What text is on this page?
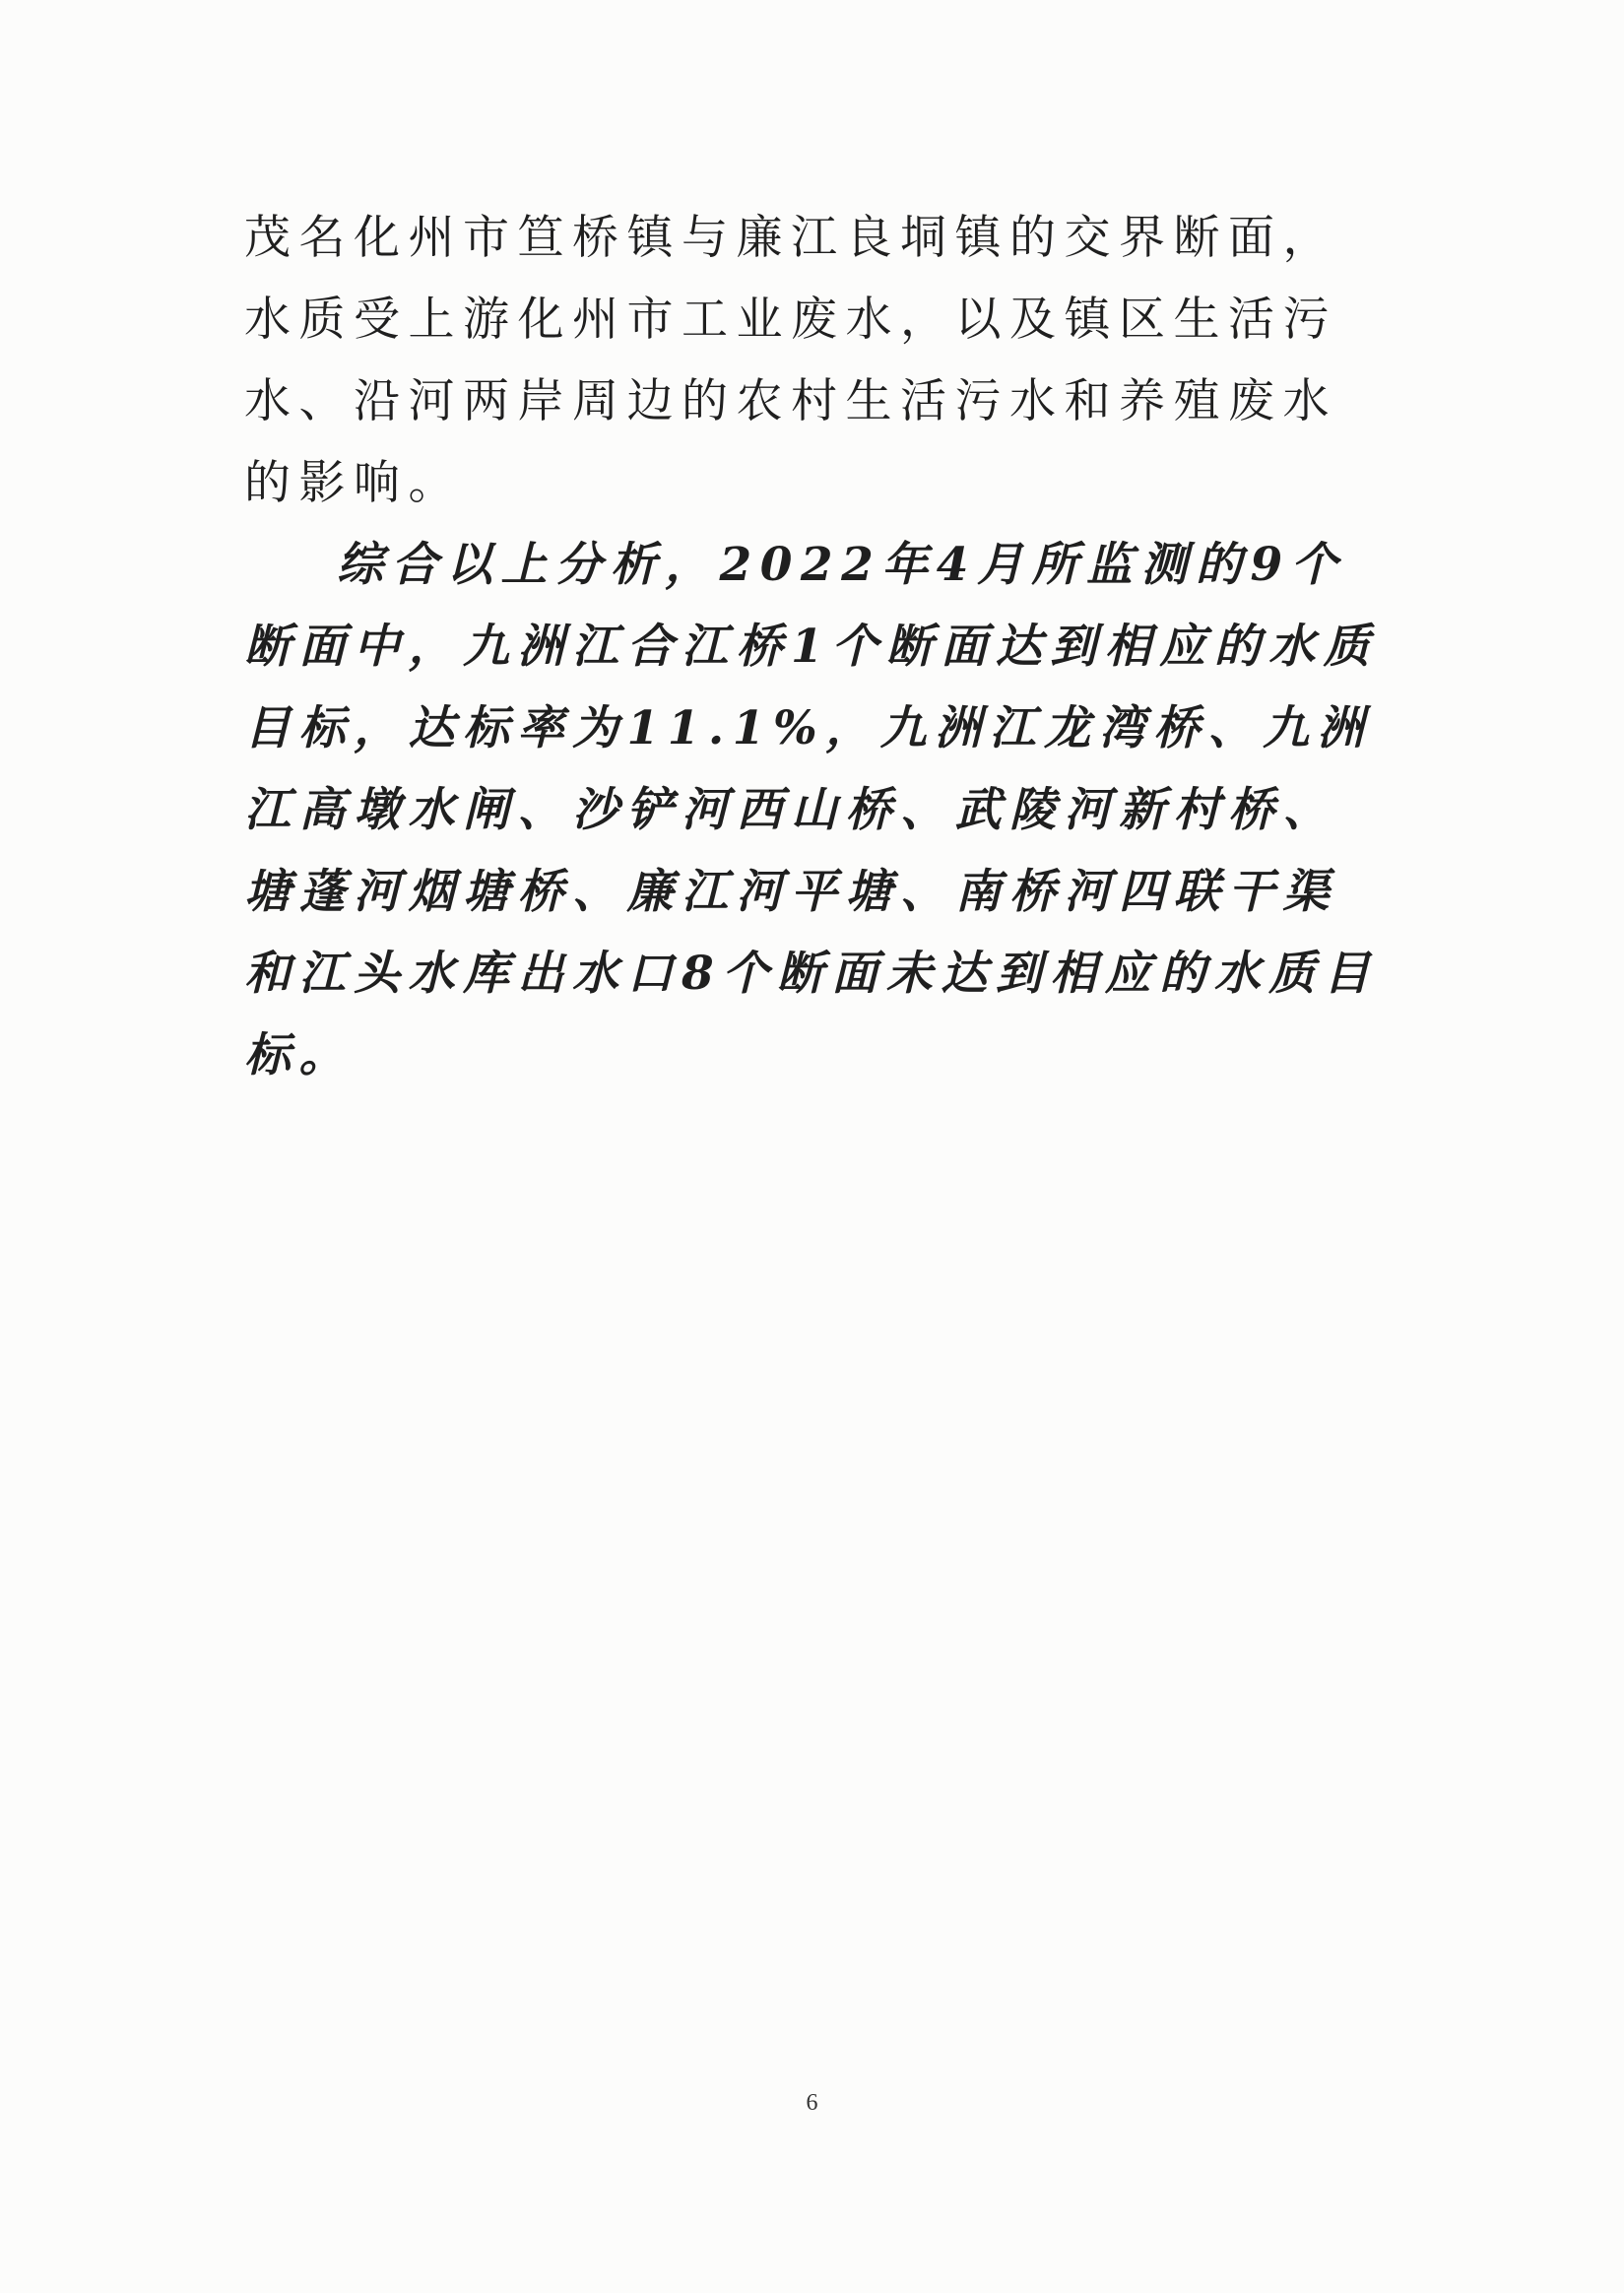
茂名化州市笪桥镇与廉江良垌镇的交界断面，水质受上游化州市工业废水，以及镇区生活污水、沿河两岸周边的农村生活污水和养殖废水的影响。

综合以上分析，2022年4月所监测的9个断面中，九洲江合江桥1个断面达到相应的水质目标，达标率为11.1%，九洲江龙湾桥、九洲江高墩水闸、沙铲河西山桥、武陵河新村桥、塘蓬河烟塘桥、廉江河平塘、南桥河四联干渠和江头水库出水口8个断面未达到相应的水质目标。

6
